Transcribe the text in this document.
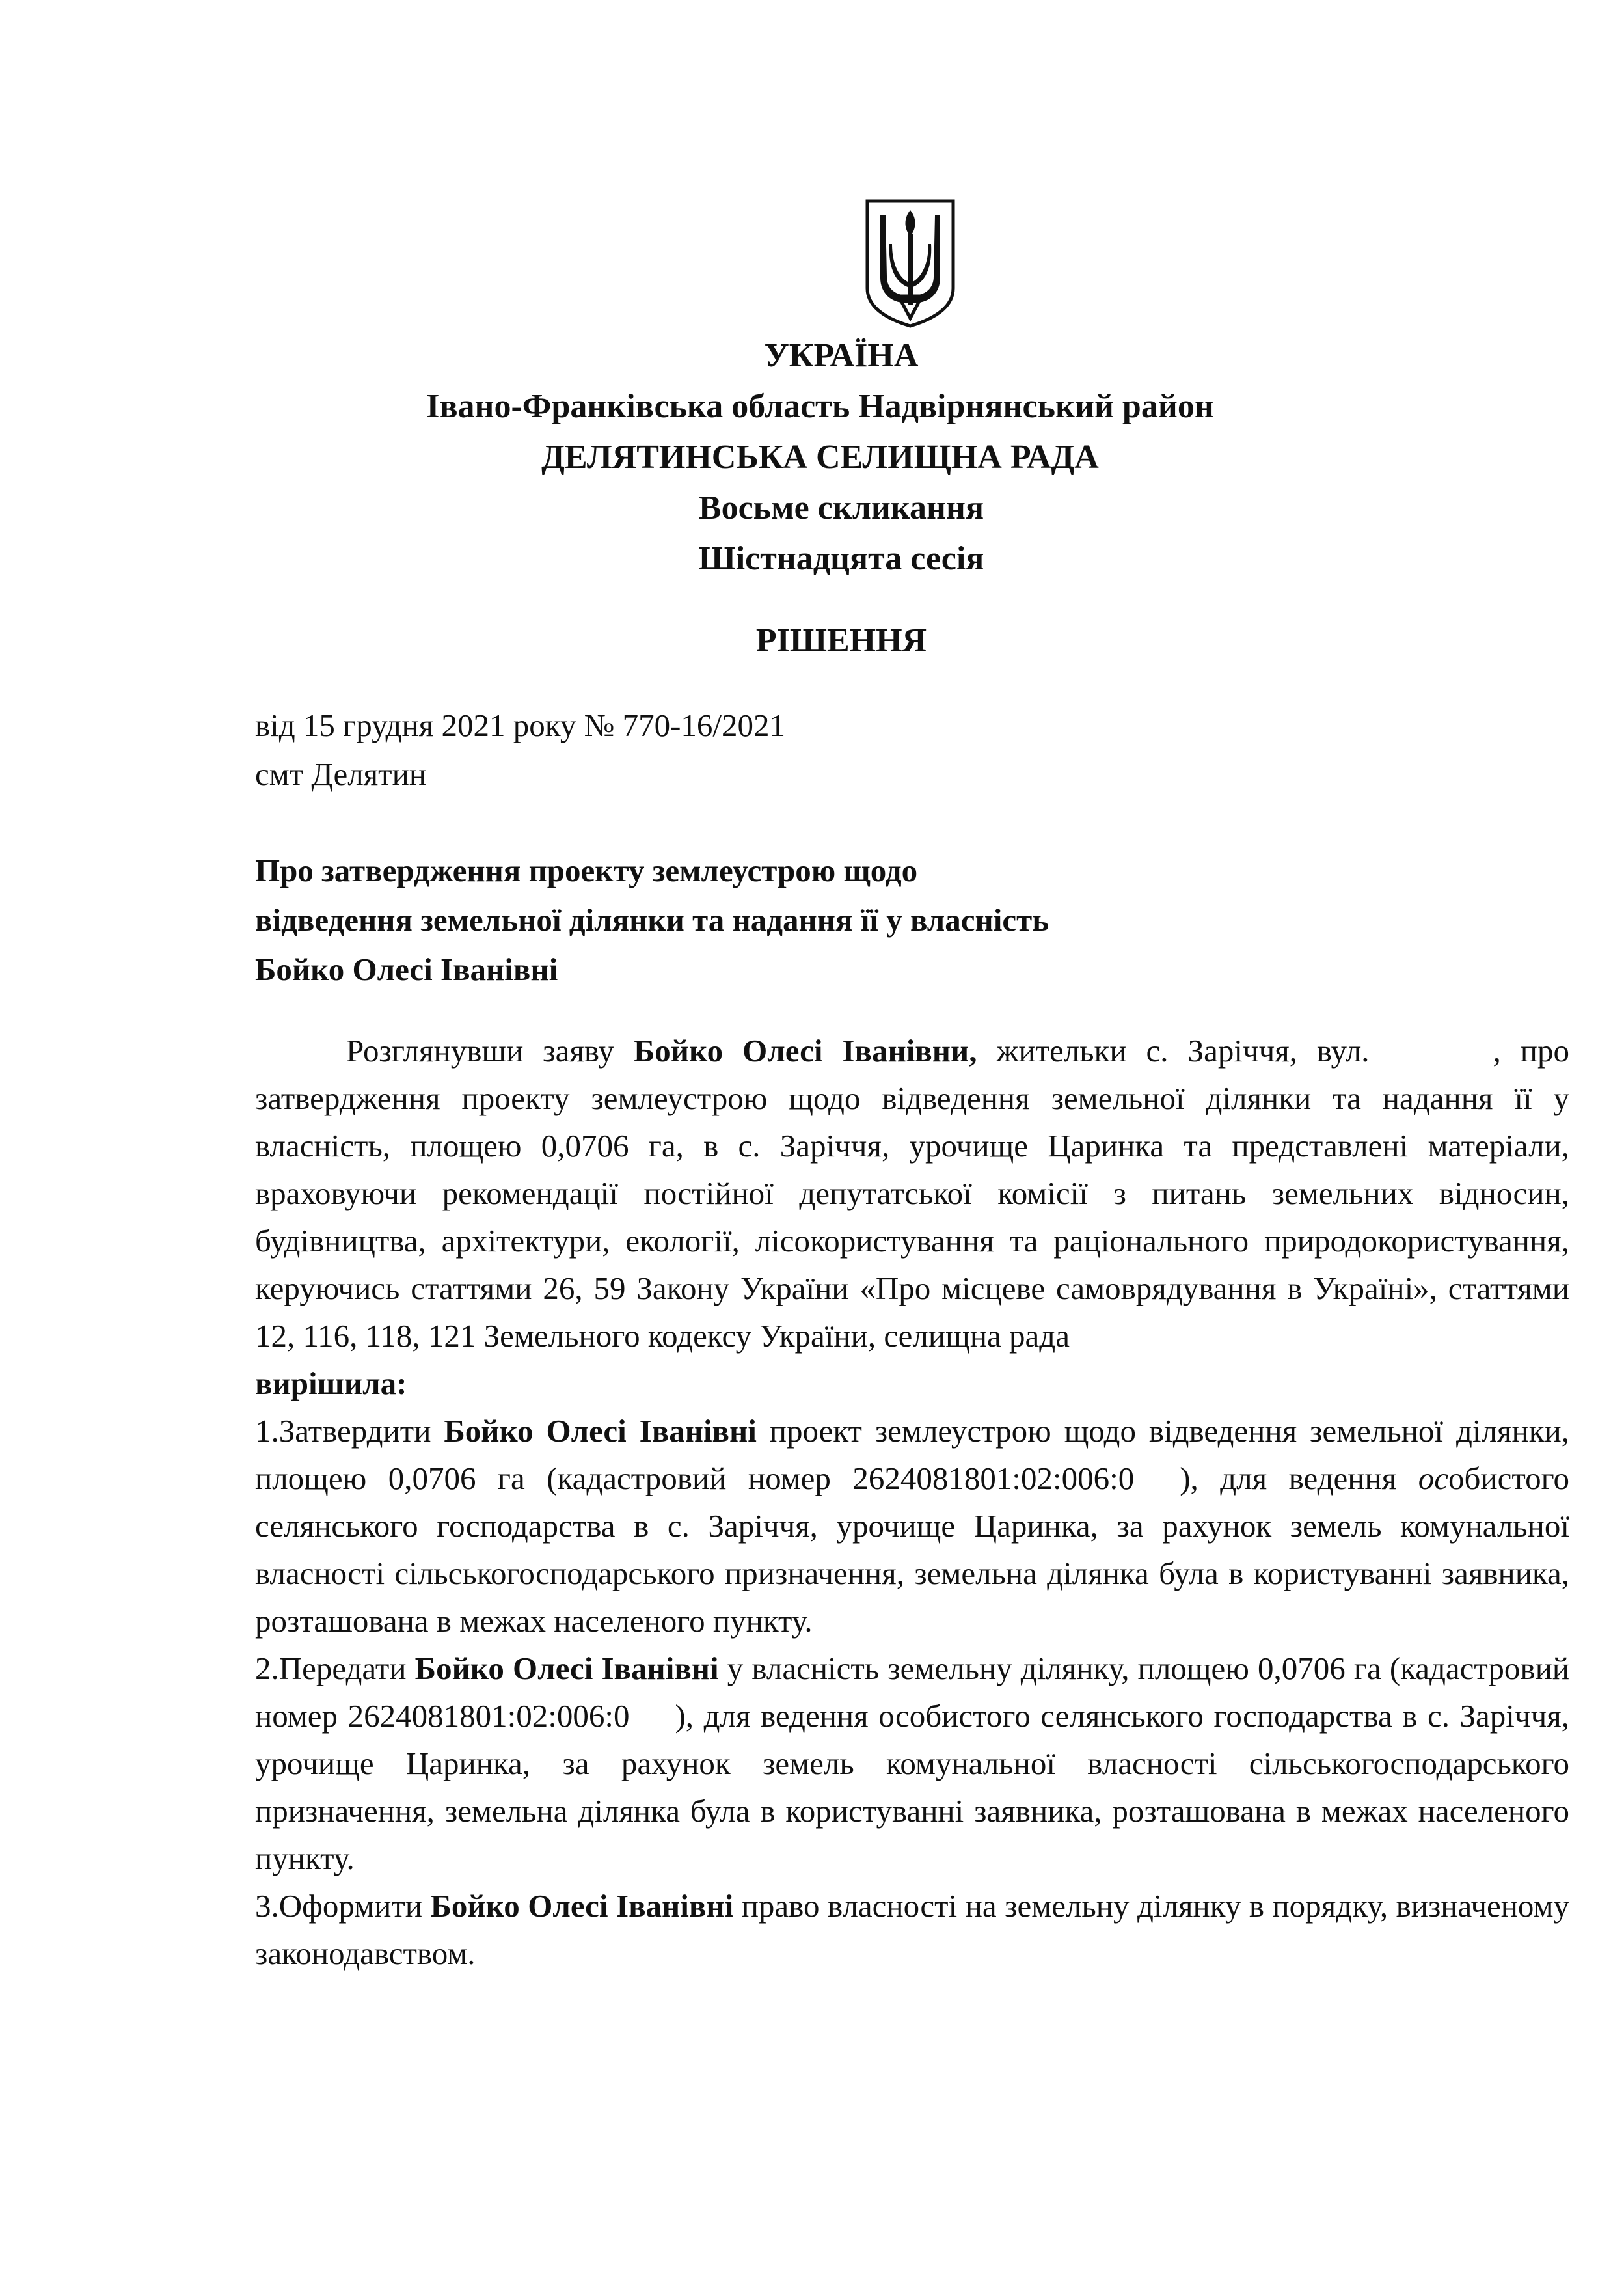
УКРАЇНА
Івано-Франківська область Надвірнянський район
ДЕЛЯТИНСЬКА СЕЛИЩНА РАДА
Восьме скликання
Шістнадцята сесія
РІШЕННЯ
від 15 грудня 2021 року № 770-16/2021
смт Делятин
Про затвердження проекту землеустрою щодо
відведення земельної ділянки та надання її у власність
Бойко Олесі Іванівні

Розглянувши заяву Бойко Олесі Іванівни, жительки с. Заріччя, вул.	, про затвердження проекту землеустрою щодо відведення земельної ділянки та надання її у власність, площею 0,0706 га, в с. Заріччя, урочище Царинка та представлені матеріали, враховуючи рекомендації постійної депутатської комісії з питань земельних відносин, будівництва, архітектури, екології, лісокористування та раціонального природокористування, керуючись статтями 26, 59 Закону України «Про місцеве самоврядування в Україні», статтями 12, 116, 118, 121 Земельного кодексу України, селищна рада

вирішила:

1.Затвердити Бойко Олесі Іванівні проект землеустрою щодо відведення земельної ділянки, площею 0,0706 га (кадастровий номер 2624081801:02:006:0 ), для ведення особистого селянського господарства в с. Заріччя, урочище Царинка, за рахунок земель комунальної власності сільськогосподарського призначення, земельна ділянка була в користуванні заявника, розташована в межах населеного пункту.

2.Передати Бойко Олесі Іванівні у власність земельну ділянку, площею 0,0706 га (кадастровий номер 2624081801:02:006:0 ), для ведення особистого селянського господарства в с. Заріччя, урочище Царинка, за рахунок земель комунальної власності сільськогосподарського призначення, земельна ділянка була в користуванні заявника, розташована в межах населеного пункту.

3.Оформити Бойко Олесі Іванівні право власності на земельну ділянку в порядку, визначеному законодавством.
